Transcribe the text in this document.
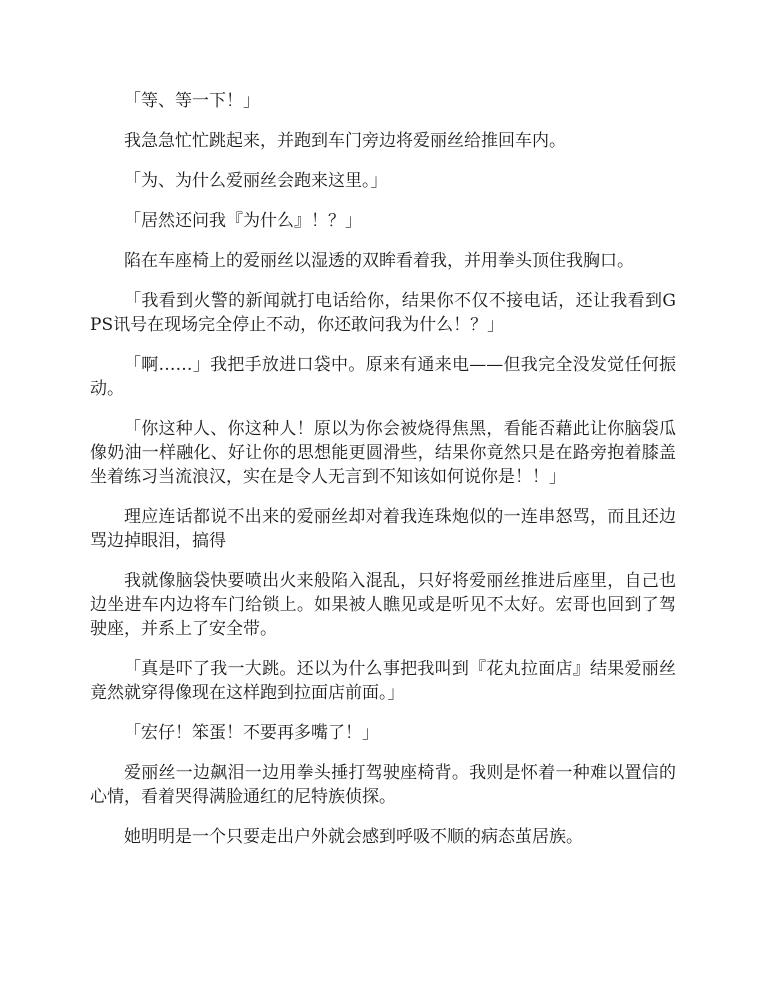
「等、等一下！」

我急急忙忙跳起来，并跑到车门旁边将爱丽丝给推回车内。

「为、为什么爱丽丝会跑来这里。」

「居然还问我『为什么』！？」

陷在车座椅上的爱丽丝以湿透的双眸看着我，并用拳头顶住我胸口。

「我看到火警的新闻就打电话给你，结果你不仅不接电话，还让我看到GPS讯号在现场完全停止不动，你还敢问我为什么！？」

「啊……」我把手放进口袋中。原来有通来电——但我完全没发觉任何振动。

「你这种人、你这种人！原以为你会被烧得焦黑，看能否藉此让你脑袋瓜像奶油一样融化、好让你的思想能更圆滑些，结果你竟然只是在路旁抱着膝盖坐着练习当流浪汉，实在是令人无言到不知该如何说你是！！」

理应连话都说不出来的爱丽丝却对着我连珠炮似的一连串怒骂，而且还边骂边掉眼泪，搞得

我就像脑袋快要喷出火来般陷入混乱，只好将爱丽丝推进后座里，自己也边坐进车内边将车门给锁上。如果被人瞧见或是听见不太好。宏哥也回到了驾驶座，并系上了安全带。

「真是吓了我一大跳。还以为什么事把我叫到『花丸拉面店』结果爱丽丝竟然就穿得像现在这样跑到拉面店前面。」

「宏仔！笨蛋！不要再多嘴了！」

爱丽丝一边飙泪一边用拳头捶打驾驶座椅背。我则是怀着一种难以置信的心情，看着哭得满脸通红的尼特族侦探。

她明明是一个只要走出户外就会感到呼吸不顺的病态茧居族。
